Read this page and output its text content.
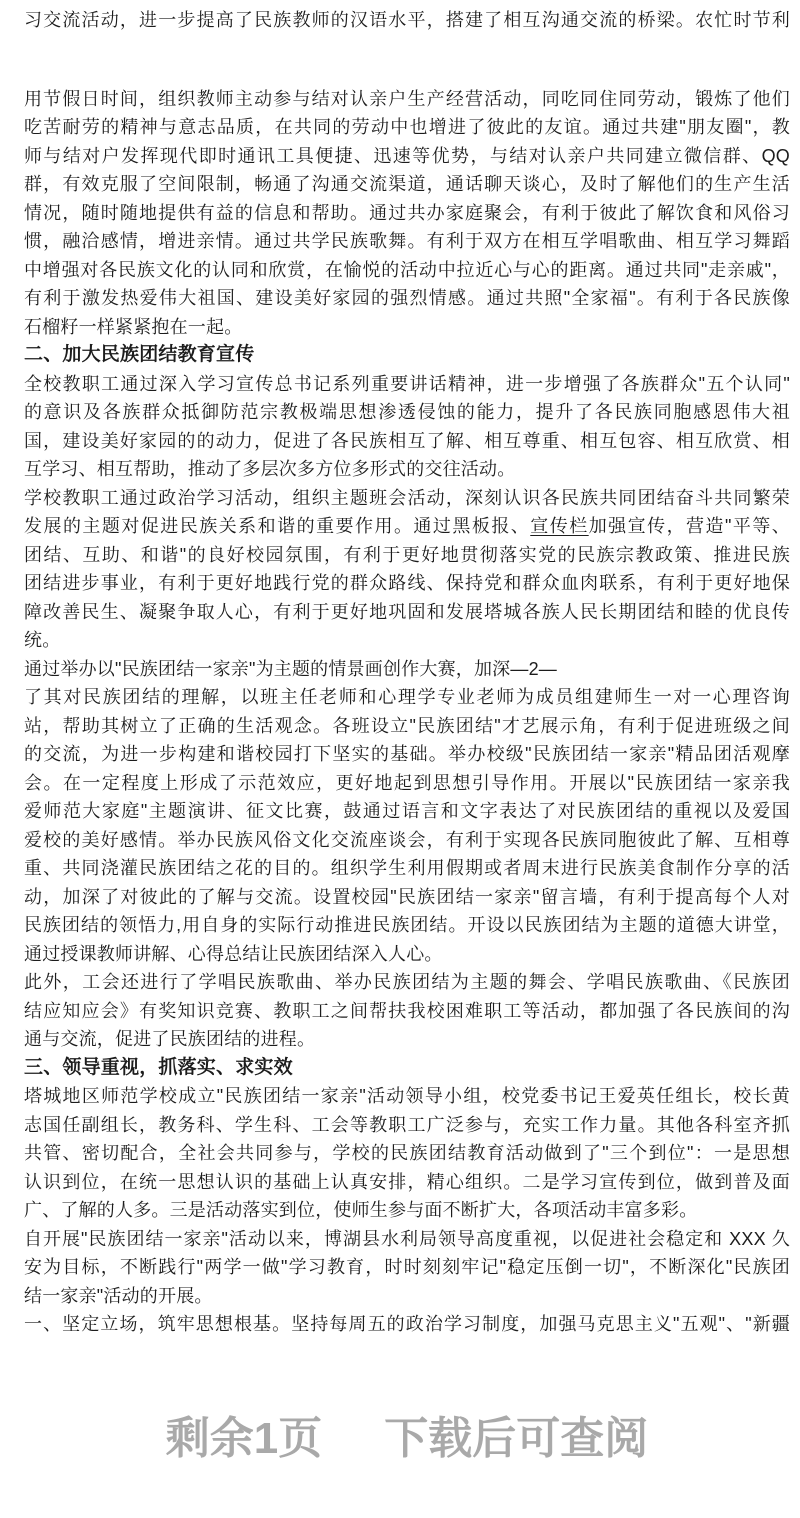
习交流活动，进一步提高了民族教师的汉语水平，搭建了相互沟通交流的桥梁。农忙时节利
用节假日时间，组织教师主动参与结对认亲户生产经营活动，同吃同住同劳动，锻炼了他们
吃苦耐劳的精神与意志品质，在共同的劳动中也增进了彼此的友谊。通过共建"朋友圈"，教
师与结对户发挥现代即时通讯工具便捷、迅速等优势，与结对认亲户共同建立微信群、QQ
群，有效克服了空间限制，畅通了沟通交流渠道，通话聊天谈心，及时了解他们的生产生活
情况，随时随地提供有益的信息和帮助。通过共办家庭聚会，有利于彼此了解饮食和风俗习
惯，融洽感情，增进亲情。通过共学民族歌舞。有利于双方在相互学唱歌曲、相互学习舞蹈
中增强对各民族文化的认同和欣赏，在愉悦的活动中拉近心与心的距离。通过共同"走亲戚"，
有利于激发热爱伟大祖国、建设美好家园的强烈情感。通过共照"全家福"。有利于各民族像
石榴籽一样紧紧抱在一起。
二、加大民族团结教育宣传
全校教职工通过深入学习宣传总书记系列重要讲话精神，进一步增强了各族群众"五个认同"
的意识及各族群众抵御防范宗教极端思想渗透侵蚀的能力，提升了各民族同胞感恩伟大祖
国，建设美好家园的的动力，促进了各民族相互了解、相互尊重、相互包容、相互欣赏、相
互学习、相互帮助，推动了多层次多方位多形式的交往活动。
学校教职工通过政治学习活动，组织主题班会活动，深刻认识各民族共同团结奋斗共同繁荣
发展的主题对促进民族关系和谐的重要作用。通过黑板报、宣传栏加强宣传，营造"平等、
团结、互助、和谐"的良好校园氛围，有利于更好地贯彻落实党的民族宗教政策、推进民族
团结进步事业，有利于更好地践行党的群众路线、保持党和群众血肉联系，有利于更好地保
障改善民生、凝聚争取人心，有利于更好地巩固和发展塔城各族人民长期团结和睦的优良传
统。
通过举办以"民族团结一家亲"为主题的情景画创作大赛，加深—2—
了其对民族团结的理解，以班主任老师和心理学专业老师为成员组建师生一对一心理咨询
站，帮助其树立了正确的生活观念。各班设立"民族团结"才艺展示角，有利于促进班级之间
的交流，为进一步构建和谐校园打下坚实的基础。举办校级"民族团结一家亲"精品团活观摩
会。在一定程度上形成了示范效应，更好地起到思想引导作用。开展以"民族团结一家亲我
爱师范大家庭"主题演讲、征文比赛，鼓通过语言和文字表达了对民族团结的重视以及爱国
爱校的美好感情。举办民族风俗文化交流座谈会，有利于实现各民族同胞彼此了解、互相尊
重、共同浇灌民族团结之花的目的。组织学生利用假期或者周末进行民族美食制作分享的活
动，加深了对彼此的了解与交流。设置校园"民族团结一家亲"留言墙，有利于提高每个人对
民族团结的领悟力,用自身的实际行动推进民族团结。开设以民族团结为主题的道德大讲堂，
通过授课教师讲解、心得总结让民族团结深入人心。
此外，工会还进行了学唱民族歌曲、举办民族团结为主题的舞会、学唱民族歌曲、《民族团
结应知应会》有奖知识竞赛、教职工之间帮扶我校困难职工等活动，都加强了各民族间的沟
通与交流，促进了民族团结的进程。
三、领导重视，抓落实、求实效
塔城地区师范学校成立"民族团结一家亲"活动领导小组，校党委书记王爱英任组长，校长黄
志国任副组长，教务科、学生科、工会等教职工广泛参与，充实工作力量。其他各科室齐抓
共管、密切配合，全社会共同参与，学校的民族团结教育活动做到了"三个到位"：一是思想
认识到位，在统一思想认识的基础上认真安排，精心组织。二是学习宣传到位，做到普及面
广、了解的人多。三是活动落实到位，使师生参与面不断扩大，各项活动丰富多彩。
自开展"民族团结一家亲"活动以来，博湖县水利局领导高度重视，以促进社会稳定和 XXX 久
安为目标，不断践行"两学一做"学习教育，时时刻刻牢记"稳定压倒一切"，不断深化"民族团
结一家亲"活动的开展。
一、坚定立场，筑牢思想根基。坚持每周五的政治学习制度，加强马克思主义"五观"、"新疆
剩余1页 下载后可查阅
